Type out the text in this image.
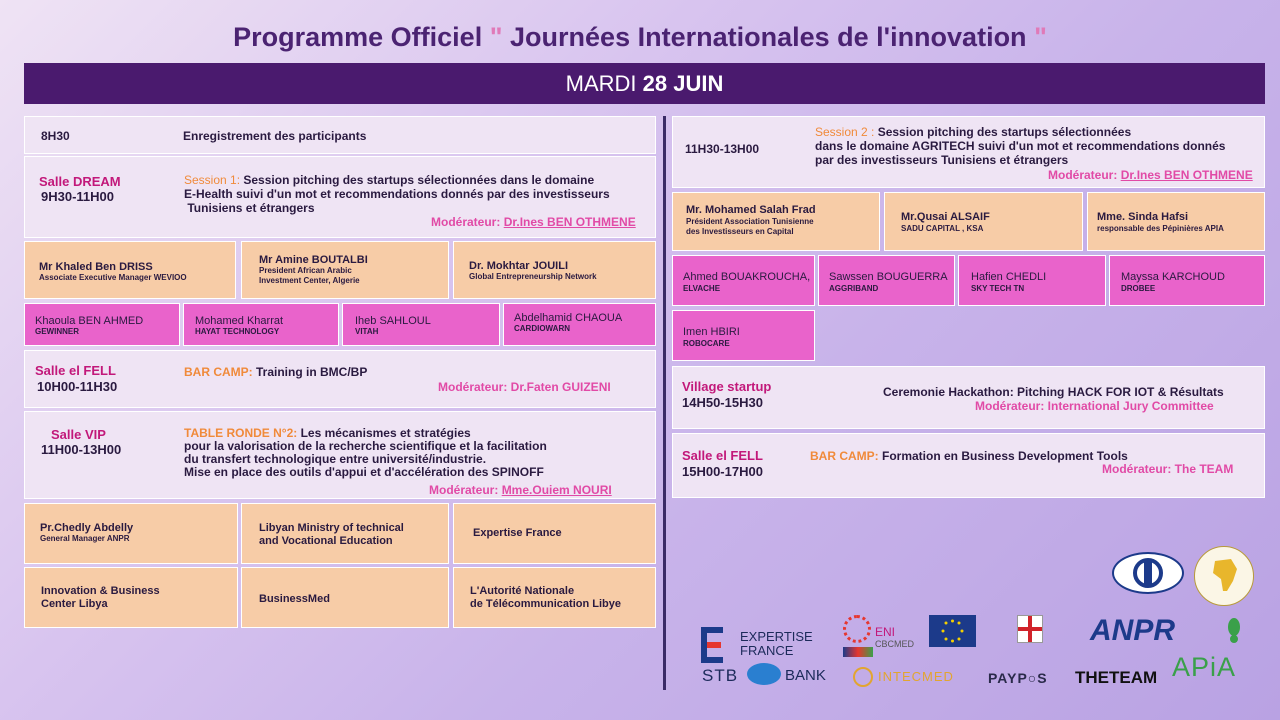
Programme Officiel " Journées Internationales de l'innovation "
MARDI 28 JUIN
8H30	Enregistrement des participants
Salle DREAM
9H30-11H00
Session 1: Session pitching des startups sélectionnées dans le domaine
E-Health suivi d'un mot et recommendations donnés par des investisseurs
Tunisiens et étrangers
Modérateur: Dr.Ines BEN OTHMENE
Mr Khaled Ben DRISS
Associate Executive Manager WEVIOO
Mr Amine BOUTALBI
President African Arabic
Investment Center, Algerie
Dr. Mokhtar JOUILI
Global Entrepreneurship Network
Khaoula BEN AHMED
GEWINNER
Mohamed Kharrat
HAYAT TECHNOLOGY
Iheb SAHLOUL
VITAH
Abdelhamid CHAOUA
CARDIOWARN
Salle el FELL
10H00-11H30
BAR CAMP: Training in BMC/BP
Modérateur: Dr.Faten GUIZENI
Salle VIP
11H00-13H00
TABLE RONDE N°2: Les mécanismes et stratégies
pour la valorisation de la recherche scientifique et la facilitation
du transfert technologique entre université/industrie.
Mise en place des outils d'appui et d'accélération des SPINOFF
Modérateur: Mme.Ouiem NOURI
Pr.Chedly Abdelly
General Manager ANPR
Libyan Ministry of technical
and Vocational Education
Expertise France
Innovation & Business
Center Libya	BusinessMed
L'Autorité Nationale
de Télécommunication Libye
11H30-13H00
Session 2 : Session pitching des startups sélectionnées
dans le domaine AGRITECH suivi d'un mot et recommendations donnés
par des investisseurs Tunisiens et étrangers
Modérateur: Dr.Ines BEN OTHMENE
Mr. Mohamed Salah Frad
Président Association Tunisienne
des Investisseurs en Capital
Mr.Qusai ALSAIF
SADU CAPITAL , KSA
Mme. Sinda Hafsi
responsable des Pépinières APIA
Ahmed BOUAKROUCHA,
ELVACHE
Sawssen BOUGUERRA
AGGRIBAND
Hafien CHEDLI
SKY TECH TN
Mayssa KARCHOUD
DROBEE
Imen HBIRI
ROBOCARE
Village startup
14H50-15H30
Ceremonie Hackathon: Pitching HACK FOR IOT & Résultats
Modérateur: International Jury Committee
Salle el FELL
15H00-17H00
BAR CAMP: Formation en Business Development Tools
Modérateur: The TEAM
EXPERTISE
FRANCE
ENI
CBCMED	ANPR
STB	BANK	INTECMED PAYP○S THETEAM APiA
